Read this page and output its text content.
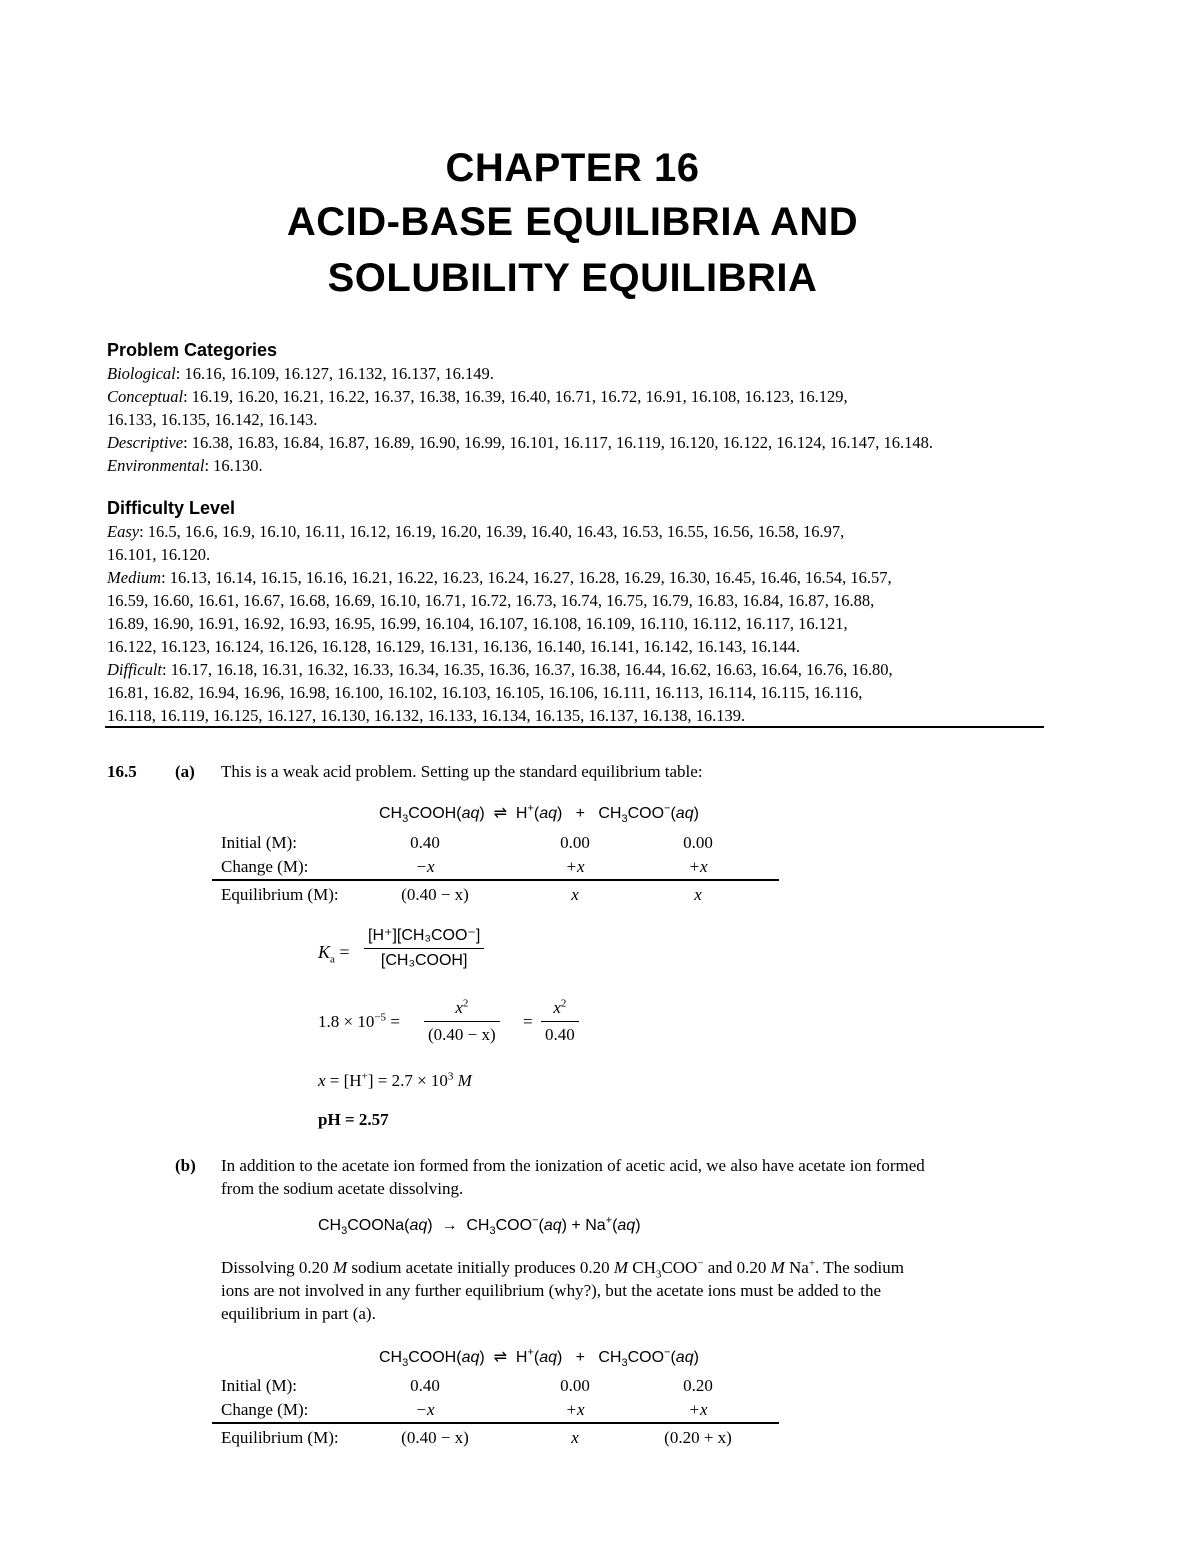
CHAPTER 16
ACID-BASE EQUILIBRIA AND
SOLUBILITY EQUILIBRIA
Problem Categories
Biological: 16.16, 16.109, 16.127, 16.132, 16.137, 16.149.
Conceptual: 16.19, 16.20, 16.21, 16.22, 16.37, 16.38, 16.39, 16.40, 16.71, 16.72, 16.91, 16.108, 16.123, 16.129,
16.133, 16.135, 16.142, 16.143.
Descriptive: 16.38, 16.83, 16.84, 16.87, 16.89, 16.90, 16.99, 16.101, 16.117, 16.119, 16.120, 16.122, 16.124, 16.147, 16.148.
Environmental: 16.130.
Difficulty Level
Easy: 16.5, 16.6, 16.9, 16.10, 16.11, 16.12, 16.19, 16.20, 16.39, 16.40, 16.43, 16.53, 16.55, 16.56, 16.58, 16.97,
16.101, 16.120.
Medium: 16.13, 16.14, 16.15, 16.16, 16.21, 16.22, 16.23, 16.24, 16.27, 16.28, 16.29, 16.30, 16.45, 16.46, 16.54, 16.57,
16.59, 16.60, 16.61, 16.67, 16.68, 16.69, 16.10, 16.71, 16.72, 16.73, 16.74, 16.75, 16.79, 16.83, 16.84, 16.87, 16.88,
16.89, 16.90, 16.91, 16.92, 16.93, 16.95, 16.99, 16.104, 16.107, 16.108, 16.109, 16.110, 16.112, 16.117, 16.121,
16.122, 16.123, 16.124, 16.126, 16.128, 16.129, 16.131, 16.136, 16.140, 16.141, 16.142, 16.143, 16.144.
Difficult: 16.17, 16.18, 16.31, 16.32, 16.33, 16.34, 16.35, 16.36, 16.37, 16.38, 16.44, 16.62, 16.63, 16.64, 16.76, 16.80,
16.81, 16.82, 16.94, 16.96, 16.98, 16.100, 16.102, 16.103, 16.105, 16.106, 16.111, 16.113, 16.114, 16.115, 16.116,
16.118, 16.119, 16.125, 16.127, 16.130, 16.132, 16.133, 16.134, 16.135, 16.137, 16.138, 16.139.
16.5 (a) This is a weak acid problem. Setting up the standard equilibrium table:
$CH_3COOH(aq)$  ⇌  $H^+(aq) + CH_3COO^-(aq)$
Initial (M):	0.40	0.00	0.00
Change (M):	−x	+x	+x
Equilibrium (M):	(0.40 − x)	x	x
$K_a$ =
[H⁺][CH₃COO⁻]
[CH₃COOH]
$1.8 \times 10^{-5}$ =
$x^2$
(0.40 − x)
=
$x^2$
0.40
$x = [H^+] = 2.7 \times 10^3$ M
pH = 2.57
(b) In addition to the acetate ion formed from the ionization of acetic acid, we also have acetate ion formed
from the sodium acetate dissolving.
$CH_3COONa(aq) \to CH_3COO^-(aq) + Na^+(aq)$
Dissolving 0.20 M sodium acetate initially produces 0.20 M $CH_3COO^-$ and 0.20 M Na+. The sodium
ions are not involved in any further equilibrium (why?), but the acetate ions must be added to the
equilibrium in part (a).
$CH_3COOH(aq)$  ⇌  $H^+(aq) + CH_3COO^-(aq)$
Initial (M):	0.40	0.00	0.20
Change (M):	−x	+x	+x
Equilibrium (M):	(0.40 − x)	x	(0.20 + x)
